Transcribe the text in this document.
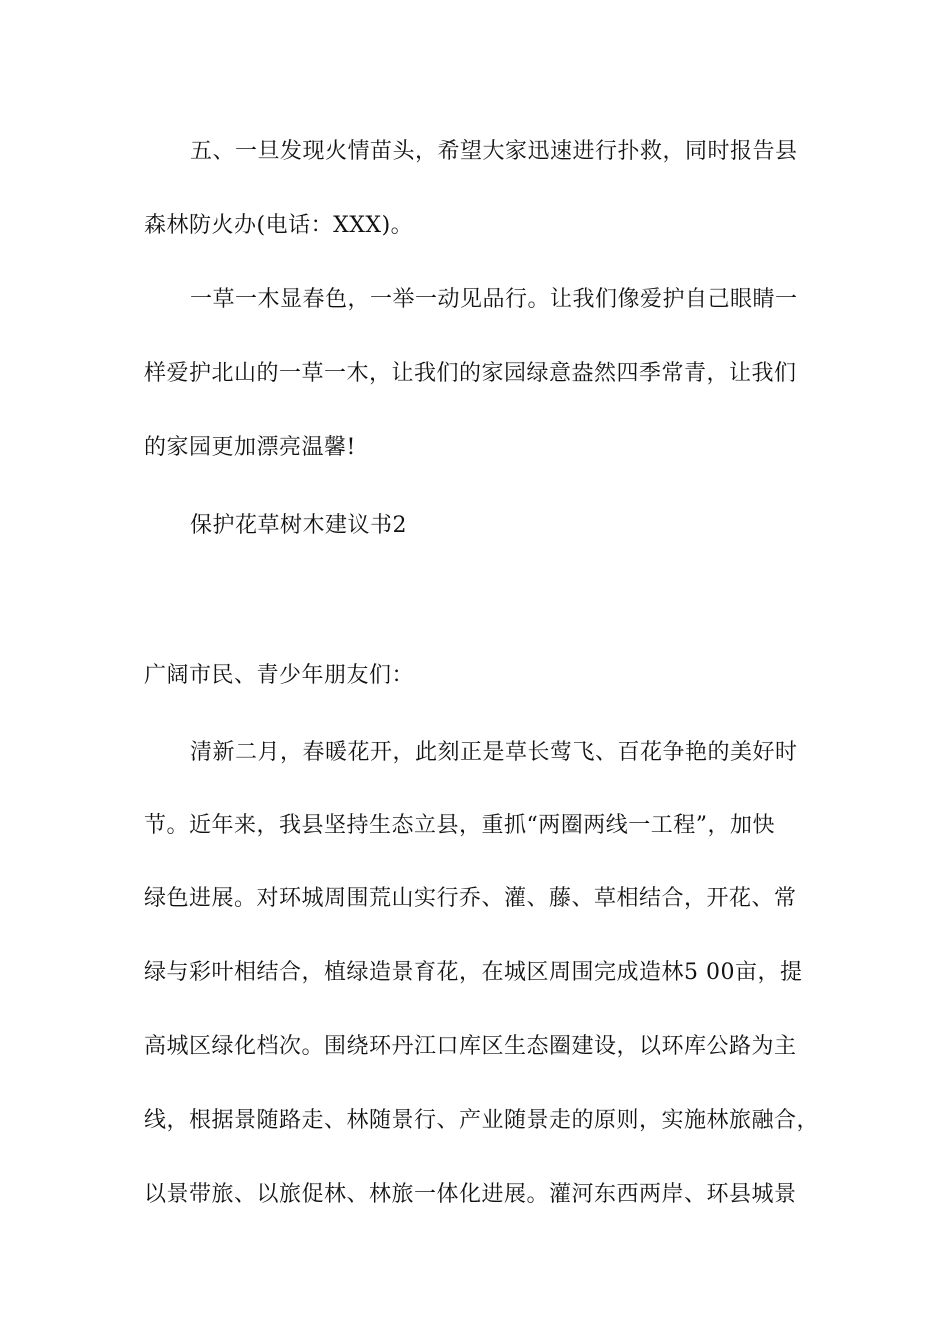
五、一旦发现火情苗头，希望大家迅速进行扑救，同时报告县
森林防火办(电话：XXX)。
一草一木显春色，一举一动见品行。让我们像爱护自己眼睛一
样爱护北山的一草一木，让我们的家园绿意盎然四季常青，让我们
的家园更加漂亮温馨!
保护花草树木建议书2
广阔市民、青少年朋友们：
清新二月，春暖花开，此刻正是草长莺飞、百花争艳的美好时
节。近年来，我县坚持生态立县，重抓“两圈两线一工程”，加快
绿色进展。对环城周围荒山实行乔、灌、藤、草相结合，开花、常
绿与彩叶相结合，植绿造景育花，在城区周围完成造林5 00亩，提
高城区绿化档次。围绕环丹江口库区生态圈建设，以环库公路为主
线，根据景随路走、林随景行、产业随景走的原则，实施林旅融合，
以景带旅、以旅促林、林旅一体化进展。灌河东西两岸、环县城景
